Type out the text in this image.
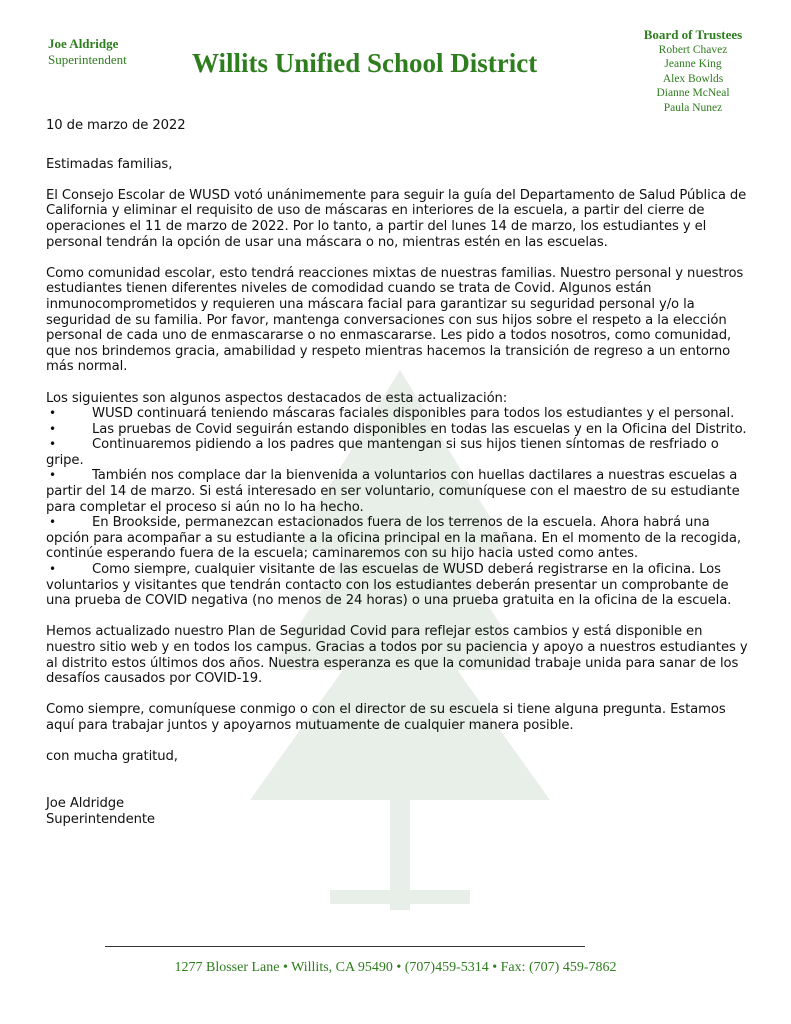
Joe Aldridge
Superintendent Willits Unified School District
Board of Trustees
Robert Chavez
Jeanne King
Alex Bowlds
Dianne McNeal
Paula Nunez

10 de marzo de 2022

Estimadas familias,

El Consejo Escolar de WUSD votó unánimemente para seguir la guía del Departamento de Salud Pública de California y eliminar el requisito de uso de máscaras en interiores de la escuela, a partir del cierre de operaciones el 11 de marzo de 2022. Por lo tanto, a partir del lunes 14 de marzo, los estudiantes y el personal tendrán la opción de usar una máscara o no, mientras estén en las escuelas.

Como comunidad escolar, esto tendrá reacciones mixtas de nuestras familias. Nuestro personal y nuestros estudiantes tienen diferentes niveles de comodidad cuando se trata de Covid. Algunos están inmunocomprometidos y requieren una máscara facial para garantizar su seguridad personal y/o la seguridad de su familia. Por favor, mantenga conversaciones con sus hijos sobre el respeto a la elección personal de cada uno de enmascararse o no enmascararse. Les pido a todos nosotros, como comunidad, que nos brindemos gracia, amabilidad y respeto mientras hacemos la transición de regreso a un entorno más normal.

Los siguientes son algunos aspectos destacados de esta actualización:

•	WUSD continuará teniendo máscaras faciales disponibles para todos los estudiantes y el personal.
•	Las pruebas de Covid seguirán estando disponibles en todas las escuelas y en la Oficina del Distrito.
•	Continuaremos pidiendo a los padres que mantengan si sus hijos tienen síntomas de resfriado o gripe.
•	También nos complace dar la bienvenida a voluntarios con huellas dactilares a nuestras escuelas a partir del 14 de marzo. Si está interesado en ser voluntario, comuníquese con el maestro de su estudiante para completar el proceso si aún no lo ha hecho.
•	En Brookside, permanezcan estacionados fuera de los terrenos de la escuela. Ahora habrá una opción para acompañar a su estudiante a la oficina principal en la mañana. En el momento de la recogida, continúe esperando fuera de la escuela; caminaremos con su hijo hacia usted como antes.
•	Como siempre, cualquier visitante de las escuelas de WUSD deberá registrarse en la oficina. Los voluntarios y visitantes que tendrán contacto con los estudiantes deberán presentar un comprobante de una prueba de COVID negativa (no menos de 24 horas) o una prueba gratuita en la oficina de la escuela.

Hemos actualizado nuestro Plan de Seguridad Covid para reflejar estos cambios y está disponible en nuestro sitio web y en todos los campus. Gracias a todos por su paciencia y apoyo a nuestros estudiantes y al distrito estos últimos dos años. Nuestra esperanza es que la comunidad trabaje unida para sanar de los desafíos causados por COVID-19.

Como siempre, comuníquese conmigo o con el director de su escuela si tiene alguna pregunta. Estamos aquí para trabajar juntos y apoyarnos mutuamente de cualquier manera posible.

con mucha gratitud,

Joe Aldridge

Superintendente

1277 Blosser Lane • Willits, CA 95490 • (707)459-5314 • Fax: (707) 459-7862
